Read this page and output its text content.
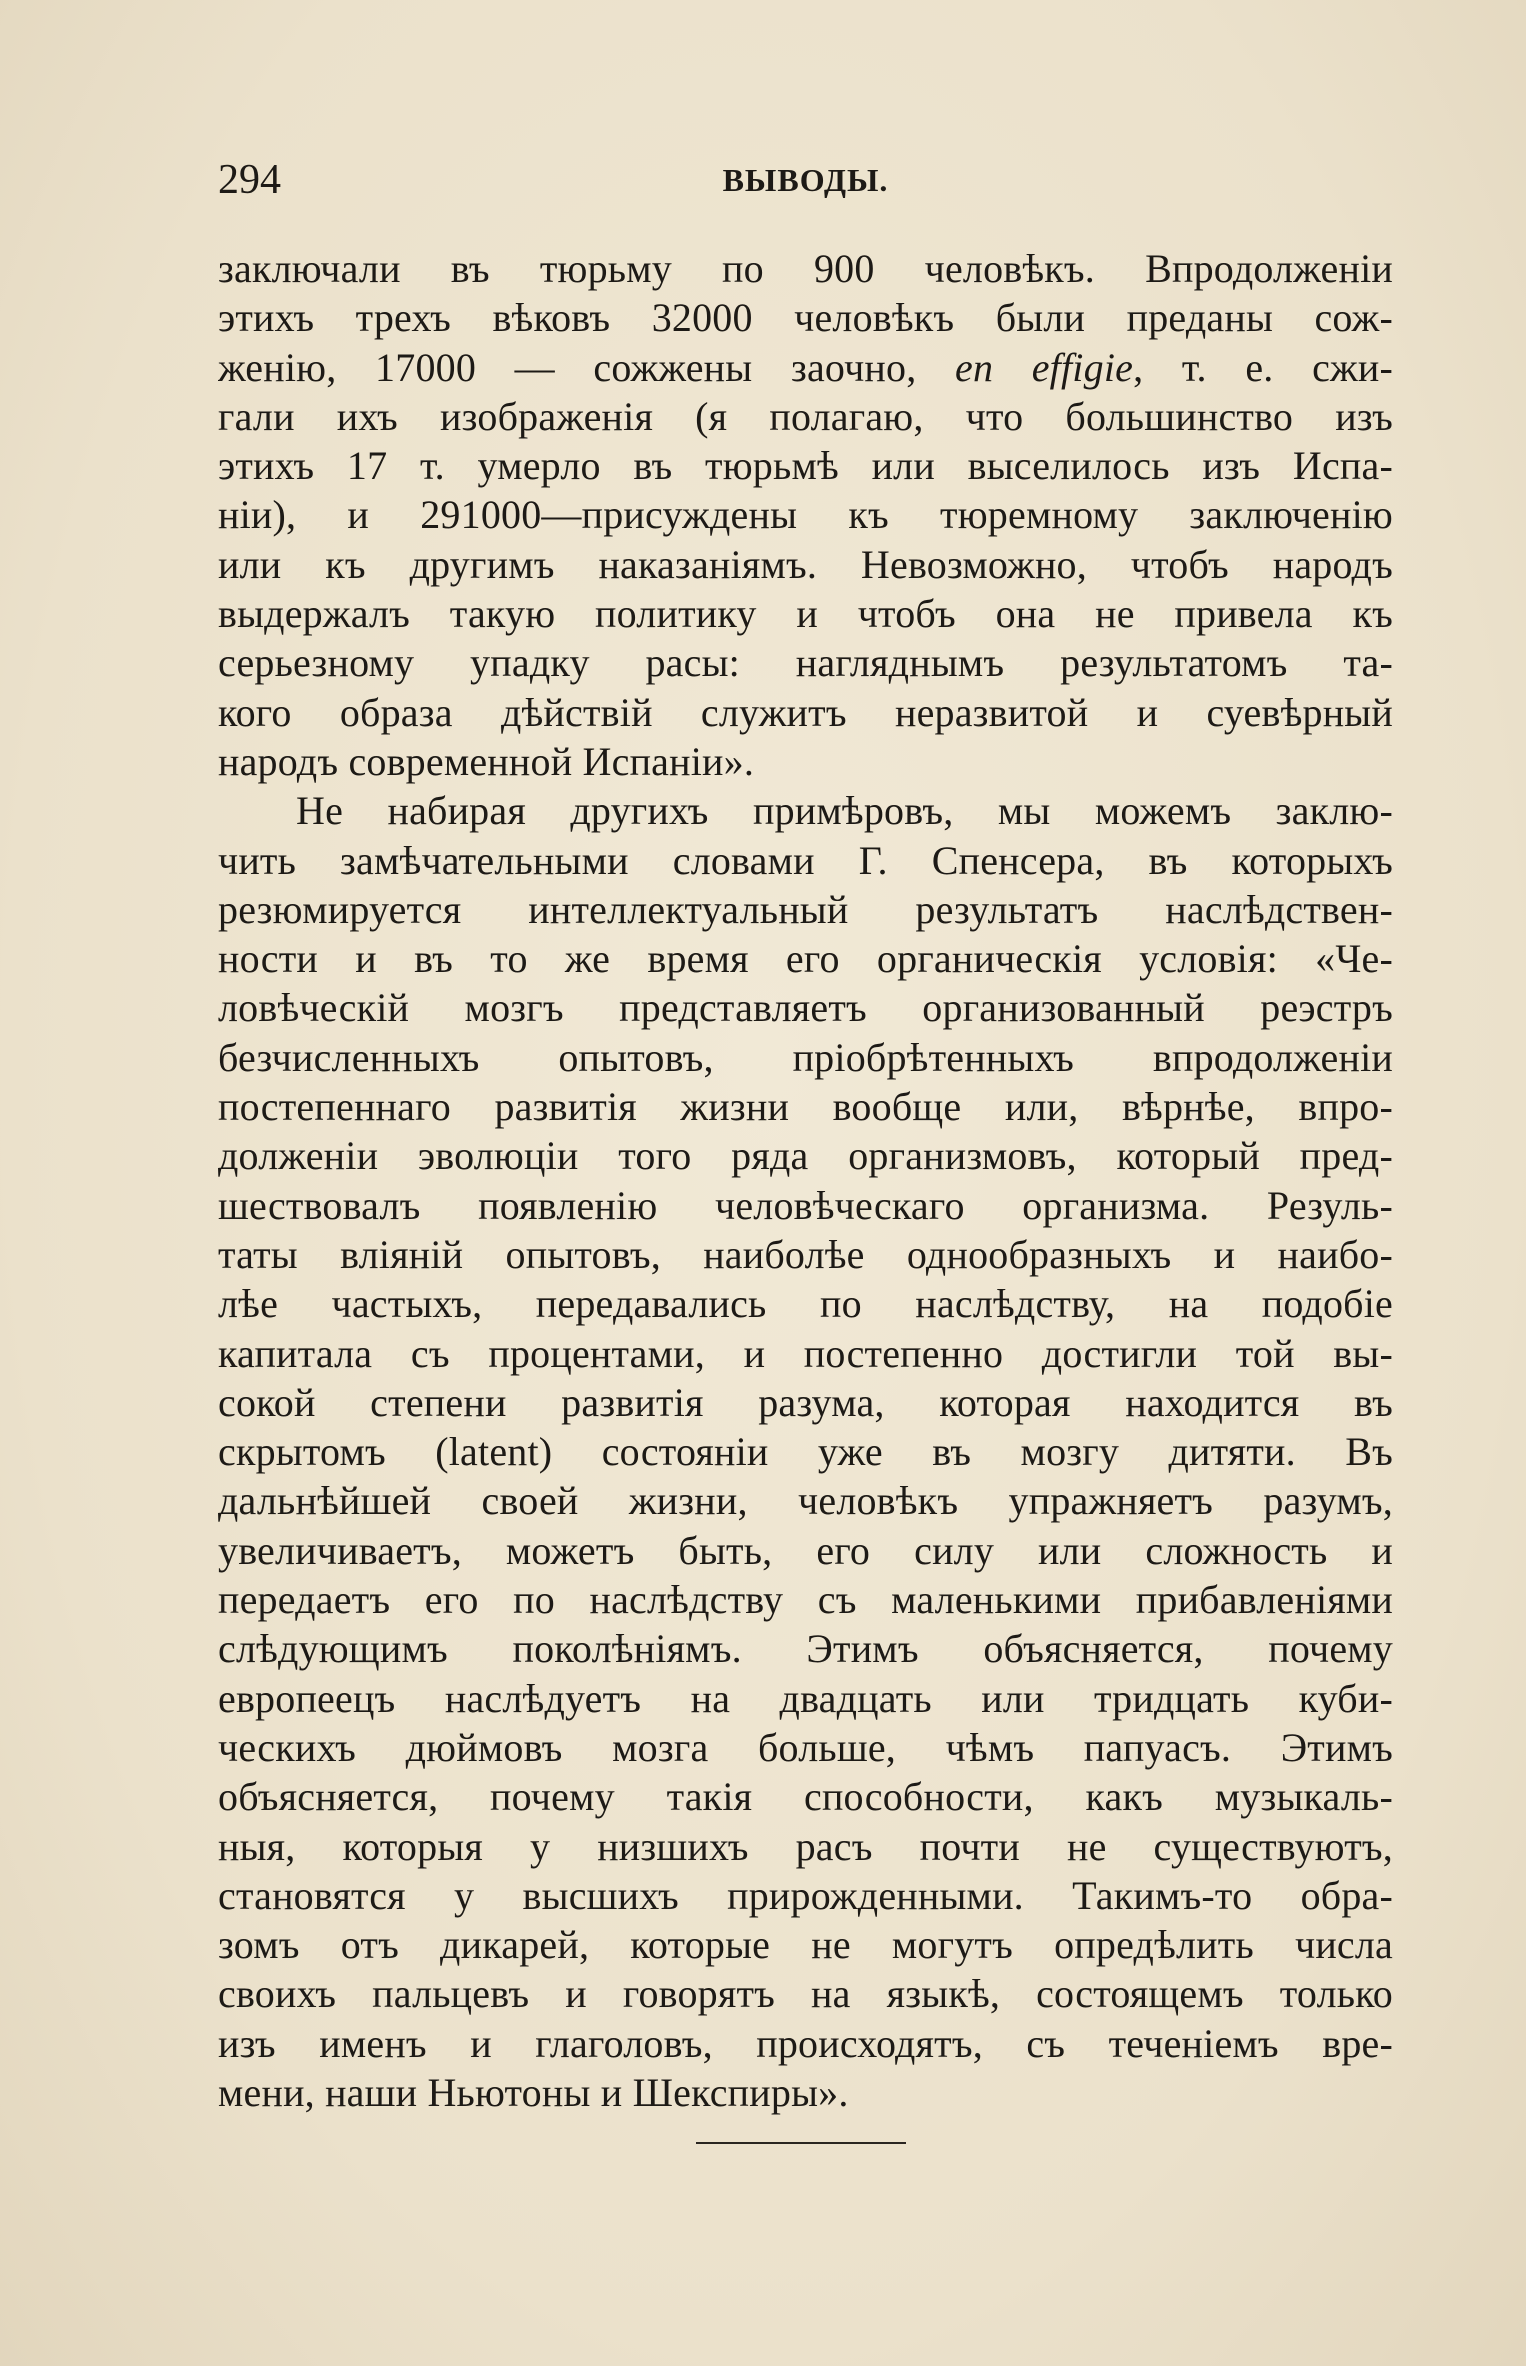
294	ВЫВОДЫ.
заключали въ тюрьму по 900 человѣкъ. Впродолженіи
этихъ трехъ вѣковъ 32000 человѣкъ были преданы сож-
женію, 17000 — сожжены заочно, en effigie, т. е. сжи-
гали ихъ изображенія (я полагаю, что большинство изъ
этихъ 17 т. умерло въ тюрьмѣ или выселилось изъ Испа-
ніи), и 291000—присуждены къ тюремному заключенію
или къ другимъ наказаніямъ. Невозможно, чтобъ народъ
выдержалъ такую политику и чтобъ она не привела къ
серьезному упадку расы: нагляднымъ результатомъ та-
кого образа дѣйствій служитъ неразвитой и суевѣрный
народъ современной Испаніи».
Не набирая другихъ примѣровъ, мы можемъ заклю-
чить замѣчательными словами Г. Спенсера, въ которыхъ
резюмируется интеллектуальный результатъ наслѣдствен-
ности и въ то же время его органическія условія: «Че-
ловѣческій мозгъ представляетъ организованный реэстръ
безчисленныхъ опытовъ, пріобрѣтенныхъ впродолженіи
постепеннаго развитія жизни вообще или, вѣрнѣе, впро-
долженіи эволюціи того ряда организмовъ, который пред-
шествовалъ появленію человѣческаго организма. Резуль-
таты вліяній опытовъ, наиболѣе однообразныхъ и наибо-
лѣе частыхъ, передавались по наслѣдству, на подобіе
капитала съ процентами, и постепенно достигли той вы-
сокой степени развитія разума, которая находится въ
скрытомъ (latent) состояніи уже въ мозгу дитяти. Въ
дальнѣйшей своей жизни, человѣкъ упражняетъ разумъ,
увеличиваетъ, можетъ быть, его силу или сложность и
передаетъ его по наслѣдству съ маленькими прибавленіями
слѣдующимъ поколѣніямъ. Этимъ объясняется, почему
европеецъ наслѣдуетъ на двадцать или тридцать куби-
ческихъ дюймовъ мозга больше, чѣмъ папуасъ. Этимъ
объясняется, почему такія способности, какъ музыкаль-
ныя, которыя у низшихъ расъ почти не существуютъ,
становятся у высшихъ прирожденными. Такимъ-то обра-
зомъ отъ дикарей, которые не могутъ опредѣлить числа
своихъ пальцевъ и говорятъ на языкѣ, состоящемъ только
изъ именъ и глаголовъ, происходятъ, съ теченіемъ вре-
мени, наши Ньютоны и Шекспиры».
